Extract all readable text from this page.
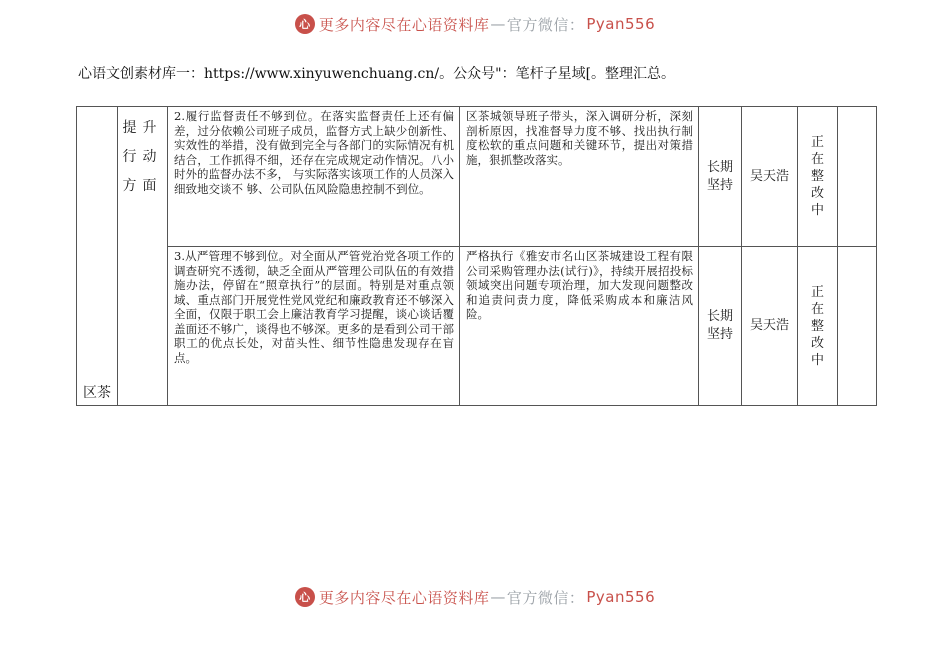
心 更多内容尽在心语资料库 — 官方微信： Pyan556
心语文创素材库一：https://www.xinyuwenchuang.cn/。公众号"：笔杆子星域[。整理汇总。
区茶	提升行动方面	2.履行监督责任不够到位。在落实监督责任上还有偏差，过分依赖公司班子成员，监督方式上缺少创新性、实效性的举措，没有做到完全与各部门的实际情况有机结合，工作抓得不细，还存在完成规定动作情况。八小时外的监督办法不多， 与实际落实该项工作的人员深入细致地交谈不 够、公司队伍风险隐患控制不到位。	区茶城领导班子带头，深入调研分析，深刻剖析原因，找准督导力度不够、找出执行制度松软的重点问题和关键环节，提出对策措施，狠抓整改落实。	长期坚持	吴天浩	正在整改中	

		3.从严管理不够到位。对全面从严管党治党各项工作的调查研究不透彻，缺乏全面从严管理公司队伍的有效措施办法，停留在“照章执行”的层面。特别是对重点领域、重点部门开展党性党风党纪和廉政教育还不够深入全面，仅限于职工会上廉洁教育学习提醒，谈心谈话覆盖面还不够广，谈得也不够深。更多的是看到公司干部职工的优点长处，对苗头性、细节性隐患发现存在盲点。	严格执行《雅安市名山区茶城建设工程有限公司采购管理办法(试行)》，持续开展招投标领域突出问题专项治理，加大发现问题整改和追责问责力度，降低采购成本和廉洁风险。	长期坚持	吴天浩	正在整改中	

心 更多内容尽在心语资料库 — 官方微信： Pyan556
